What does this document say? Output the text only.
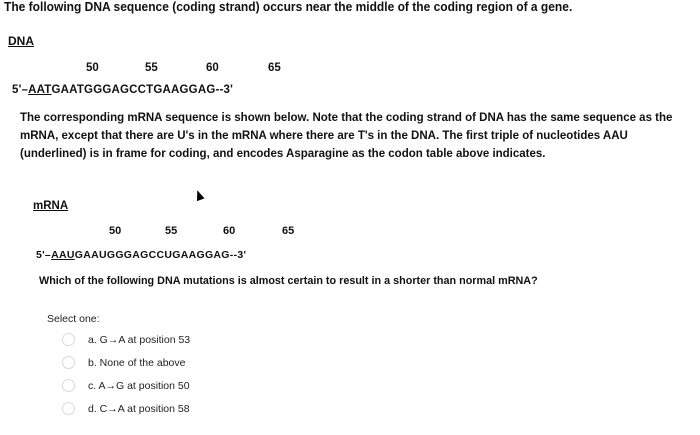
The following DNA sequence (coding strand) occurs near the middle of the coding region of a gene.
DNA
50	55	60	65
5'–AATGAATGGGAGCCTGAAGGAG--3'
The corresponding mRNA sequence is shown below. Note that the coding strand of DNA has the same sequence as the mRNA, except that there are U's in the mRNA where there are T's in the DNA. The first triple of nucleotides AAU (underlined) is in frame for coding, and encodes Asparagine as the codon table above indicates.
mRNA
50	55	60	65
5'–AAUGAAUGGGAGCCUGAAGGAG--3'
Which of the following DNA mutations is almost certain to result in a shorter than normal mRNA?
Select one:
a. G→A at position 53
b. None of the above
c. A→G at position 50
d. C→A at position 58
